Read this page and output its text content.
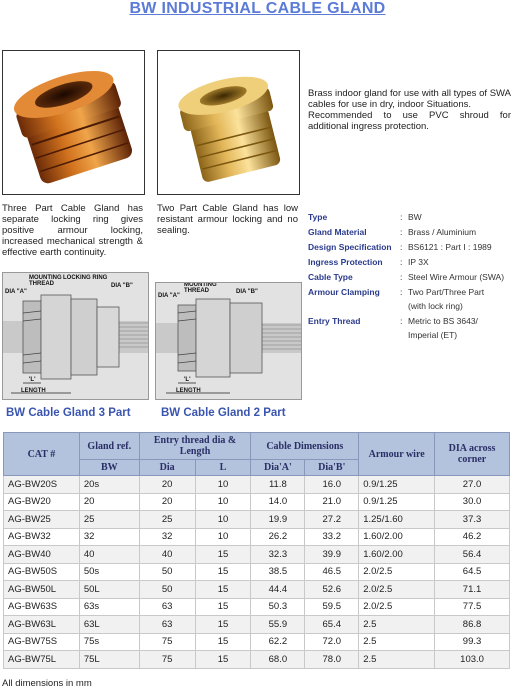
BW INDUSTRIAL CABLE GLAND
Brass indoor gland for use with all types of SWA cables for use in dry, indoor Situations.
Recommended to use PVC shroud for additional ingress protection.
Three Part Cable Gland has separate locking ring gives positive armour locking, increased mechanical strength & effective earth continuity.
Two Part Cable Gland has low resistant armour locking and no sealing.
Type	: BW
Gland Material	: Brass / Aluminium
Design Specification : BS6121 : Part I : 1989
Ingress Protection	: IP 3X
Cable Type	: Steel Wire Armour (SWA)
Armour Clamping	: Two Part/Three Part
(with lock ring)
Entry Thread	: Metric to BS 3643/
Imperial (ET)
MOUNTING THREAD
LOCKING RING
DIA "A"
DIA "B"
'L'
LENGTH
MOUNTING THREAD
DIA "A"
DIA "B"
'L'
LENGTH
BW Cable Gland 3 Part	BW Cable Gland 2 Part
CAT #	Gland ref.	Entry thread dia & Length		Cable Dimensions		Armour wire	DIA across corner
	BW	Dia	L	Dia'A'	Dia'B'		
AG-BW20S	20s	20	10	11.8	16.0	0.9/1.25	27.0
AG-BW20	20	20	10	14.0	21.0	0.9/1.25	30.0
AG-BW25	25	25	10	19.9	27.2	1.25/1.60	37.3
AG-BW32	32	32	10	26.2	33.2	1.60/2.00	46.2
AG-BW40	40	40	15	32.3	39.9	1.60/2.00	56.4
AG-BW50S	50s	50	15	38.5	46.5	2.0/2.5	64.5
AG-BW50L	50L	50	15	44.4	52.6	2.0/2.5	71.1
AG-BW63S	63s	63	15	50.3	59.5	2.0/2.5	77.5
AG-BW63L	63L	63	15	55.9	65.4	2.5	86.8
AG-BW75S	75s	75	15	62.2	72.0	2.5	99.3
AG-BW75L	75L	75	15	68.0	78.0	2.5	103.0
All dimensions in mm
